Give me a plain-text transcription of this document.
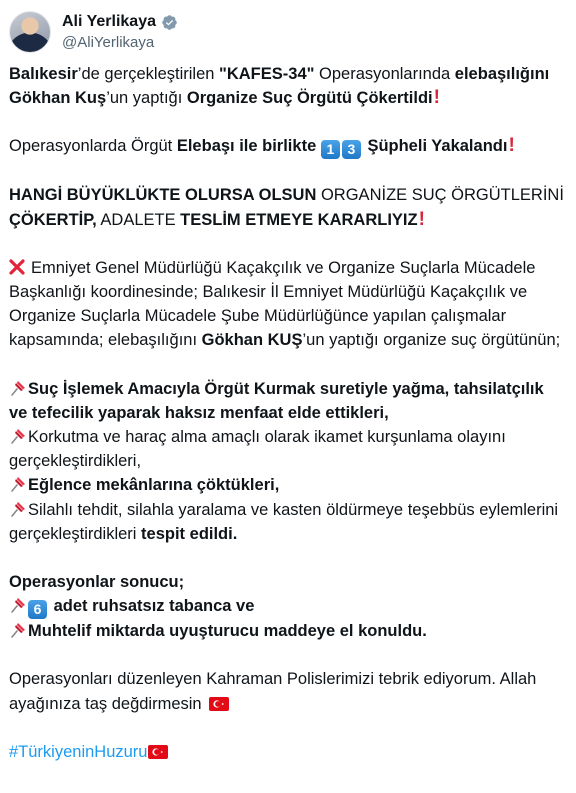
Ali Yerlikaya
@AliYerlikaya

Balıkesir’de gerçekleştirilen "KAFES-34" Operasyonlarında elebaşılığını
Gökhan Kuş’un yaptığı Organize Suç Örgütü Çökertildi!

Operasyonlarda Örgüt Elebaşı ile birlikte 1 3 Şüpheli Yakalandı!

HANGİ BÜYÜKLÜKTE OLURSA OLSUN ORGANİZE SUÇ ÖRGÜTLERİNİ
ÇÖKERTİP, ADALETE TESLİM ETMEYE KARARLIYIZ!

Emniyet Genel Müdürlüğü Kaçakçılık ve Organize Suçlarla Mücadele Başkanlığı koordinesinde; Balıkesir İl Emniyet Müdürlüğü Kaçakçılık ve Organize Suçlarla Mücadele Şube Müdürlüğünce yapılan çalışmalar kapsamında; elebaşılığını Gökhan KUŞ’un yaptığı organize suç örgütünün;

Suç İşlemek Amacıyla Örgüt Kurmak suretiyle yağma, tahsilatçılık ve tefecilik yaparak haksız menfaat elde ettikleri,
Korkutma ve haraç alma amaçlı olarak ikamet kurşunlama olayını gerçekleştirdikleri,
Eğlence mekânlarına çöktükleri,
Silahlı tehdit, silahla yaralama ve kasten öldürmeye teşebbüs eylemlerini gerçekleştirdikleri tespit edildi.

Operasyonlar sonucu;
6 adet ruhsatsız tabanca ve
Muhtelif miktarda uyuşturucu maddeye el konuldu.

Operasyonları düzenleyen Kahraman Polislerimizi tebrik ediyorum. Allah ayağınıza taş değdirmesin

#TürkiyeninHuzuru
